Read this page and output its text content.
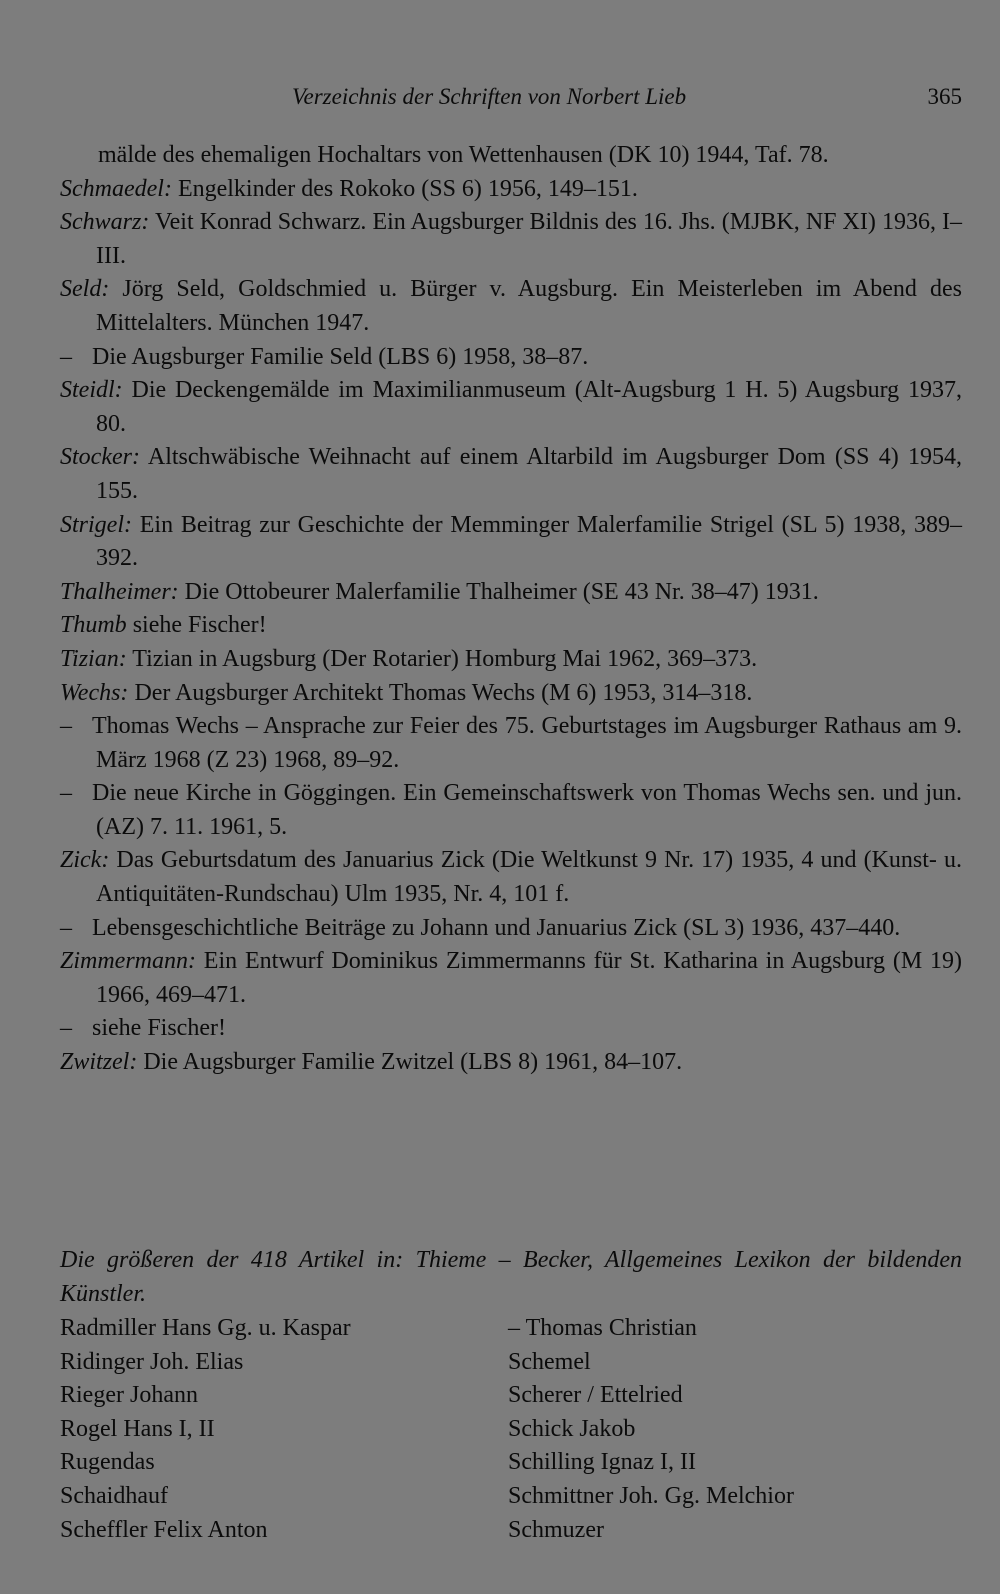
Verzeichnis der Schriften von Norbert Lieb	365

mälde des ehemaligen Hochaltars von Wettenhausen (DK 10) 1944, Taf. 78.

Schmaedel: Engelkinder des Rokoko (SS 6) 1956, 149–151.

Schwarz: Veit Konrad Schwarz. Ein Augsburger Bildnis des 16. Jhs. (MJBK, NF XI) 1936, I–III.

Seld: Jörg Seld, Goldschmied u. Bürger v. Augsburg. Ein Meisterleben im Abend des Mittelalters. München 1947.

– Die Augsburger Familie Seld (LBS 6) 1958, 38–87.

Steidl: Die Deckengemälde im Maximilianmuseum (Alt-Augsburg 1 H. 5) Augsburg 1937, 80.

Stocker: Altschwäbische Weihnacht auf einem Altarbild im Augsburger Dom (SS 4) 1954, 155.

Strigel: Ein Beitrag zur Geschichte der Memminger Malerfamilie Strigel (SL 5) 1938, 389–392.

Thalheimer: Die Ottobeurer Malerfamilie Thalheimer (SE 43 Nr. 38–47) 1931.

Thumb siehe Fischer!

Tizian: Tizian in Augsburg (Der Rotarier) Homburg Mai 1962, 369–373.

Wechs: Der Augsburger Architekt Thomas Wechs (M 6) 1953, 314–318.

– Thomas Wechs – Ansprache zur Feier des 75. Geburtstages im Augsburger Rathaus am 9. März 1968 (Z 23) 1968, 89–92.

– Die neue Kirche in Göggingen. Ein Gemeinschaftswerk von Thomas Wechs sen. und jun. (AZ) 7. 11. 1961, 5.

Zick: Das Geburtsdatum des Januarius Zick (Die Weltkunst 9 Nr. 17) 1935, 4 und (Kunst- u. Antiquitäten-Rundschau) Ulm 1935, Nr. 4, 101 f.

– Lebensgeschichtliche Beiträge zu Johann und Januarius Zick (SL 3) 1936, 437–440.

Zimmermann: Ein Entwurf Dominikus Zimmermanns für St. Katharina in Augsburg (M 19) 1966, 469–471.

– siehe Fischer!

Zwitzel: Die Augsburger Familie Zwitzel (LBS 8) 1961, 84–107.

Die größeren der 418 Artikel in: Thieme – Becker, Allgemeines Lexikon der bildenden Künstler.
Radmiller Hans Gg. u. Kaspar
Ridinger Joh. Elias
Rieger Johann
Rogel Hans I, II
Rugendas
Schaidhauf
Scheffler Felix Anton
– Thomas Christian
Schemel
Scherer / Ettelried
Schick Jakob
Schilling Ignaz I, II
Schmittner Joh. Gg. Melchior
Schmuzer
